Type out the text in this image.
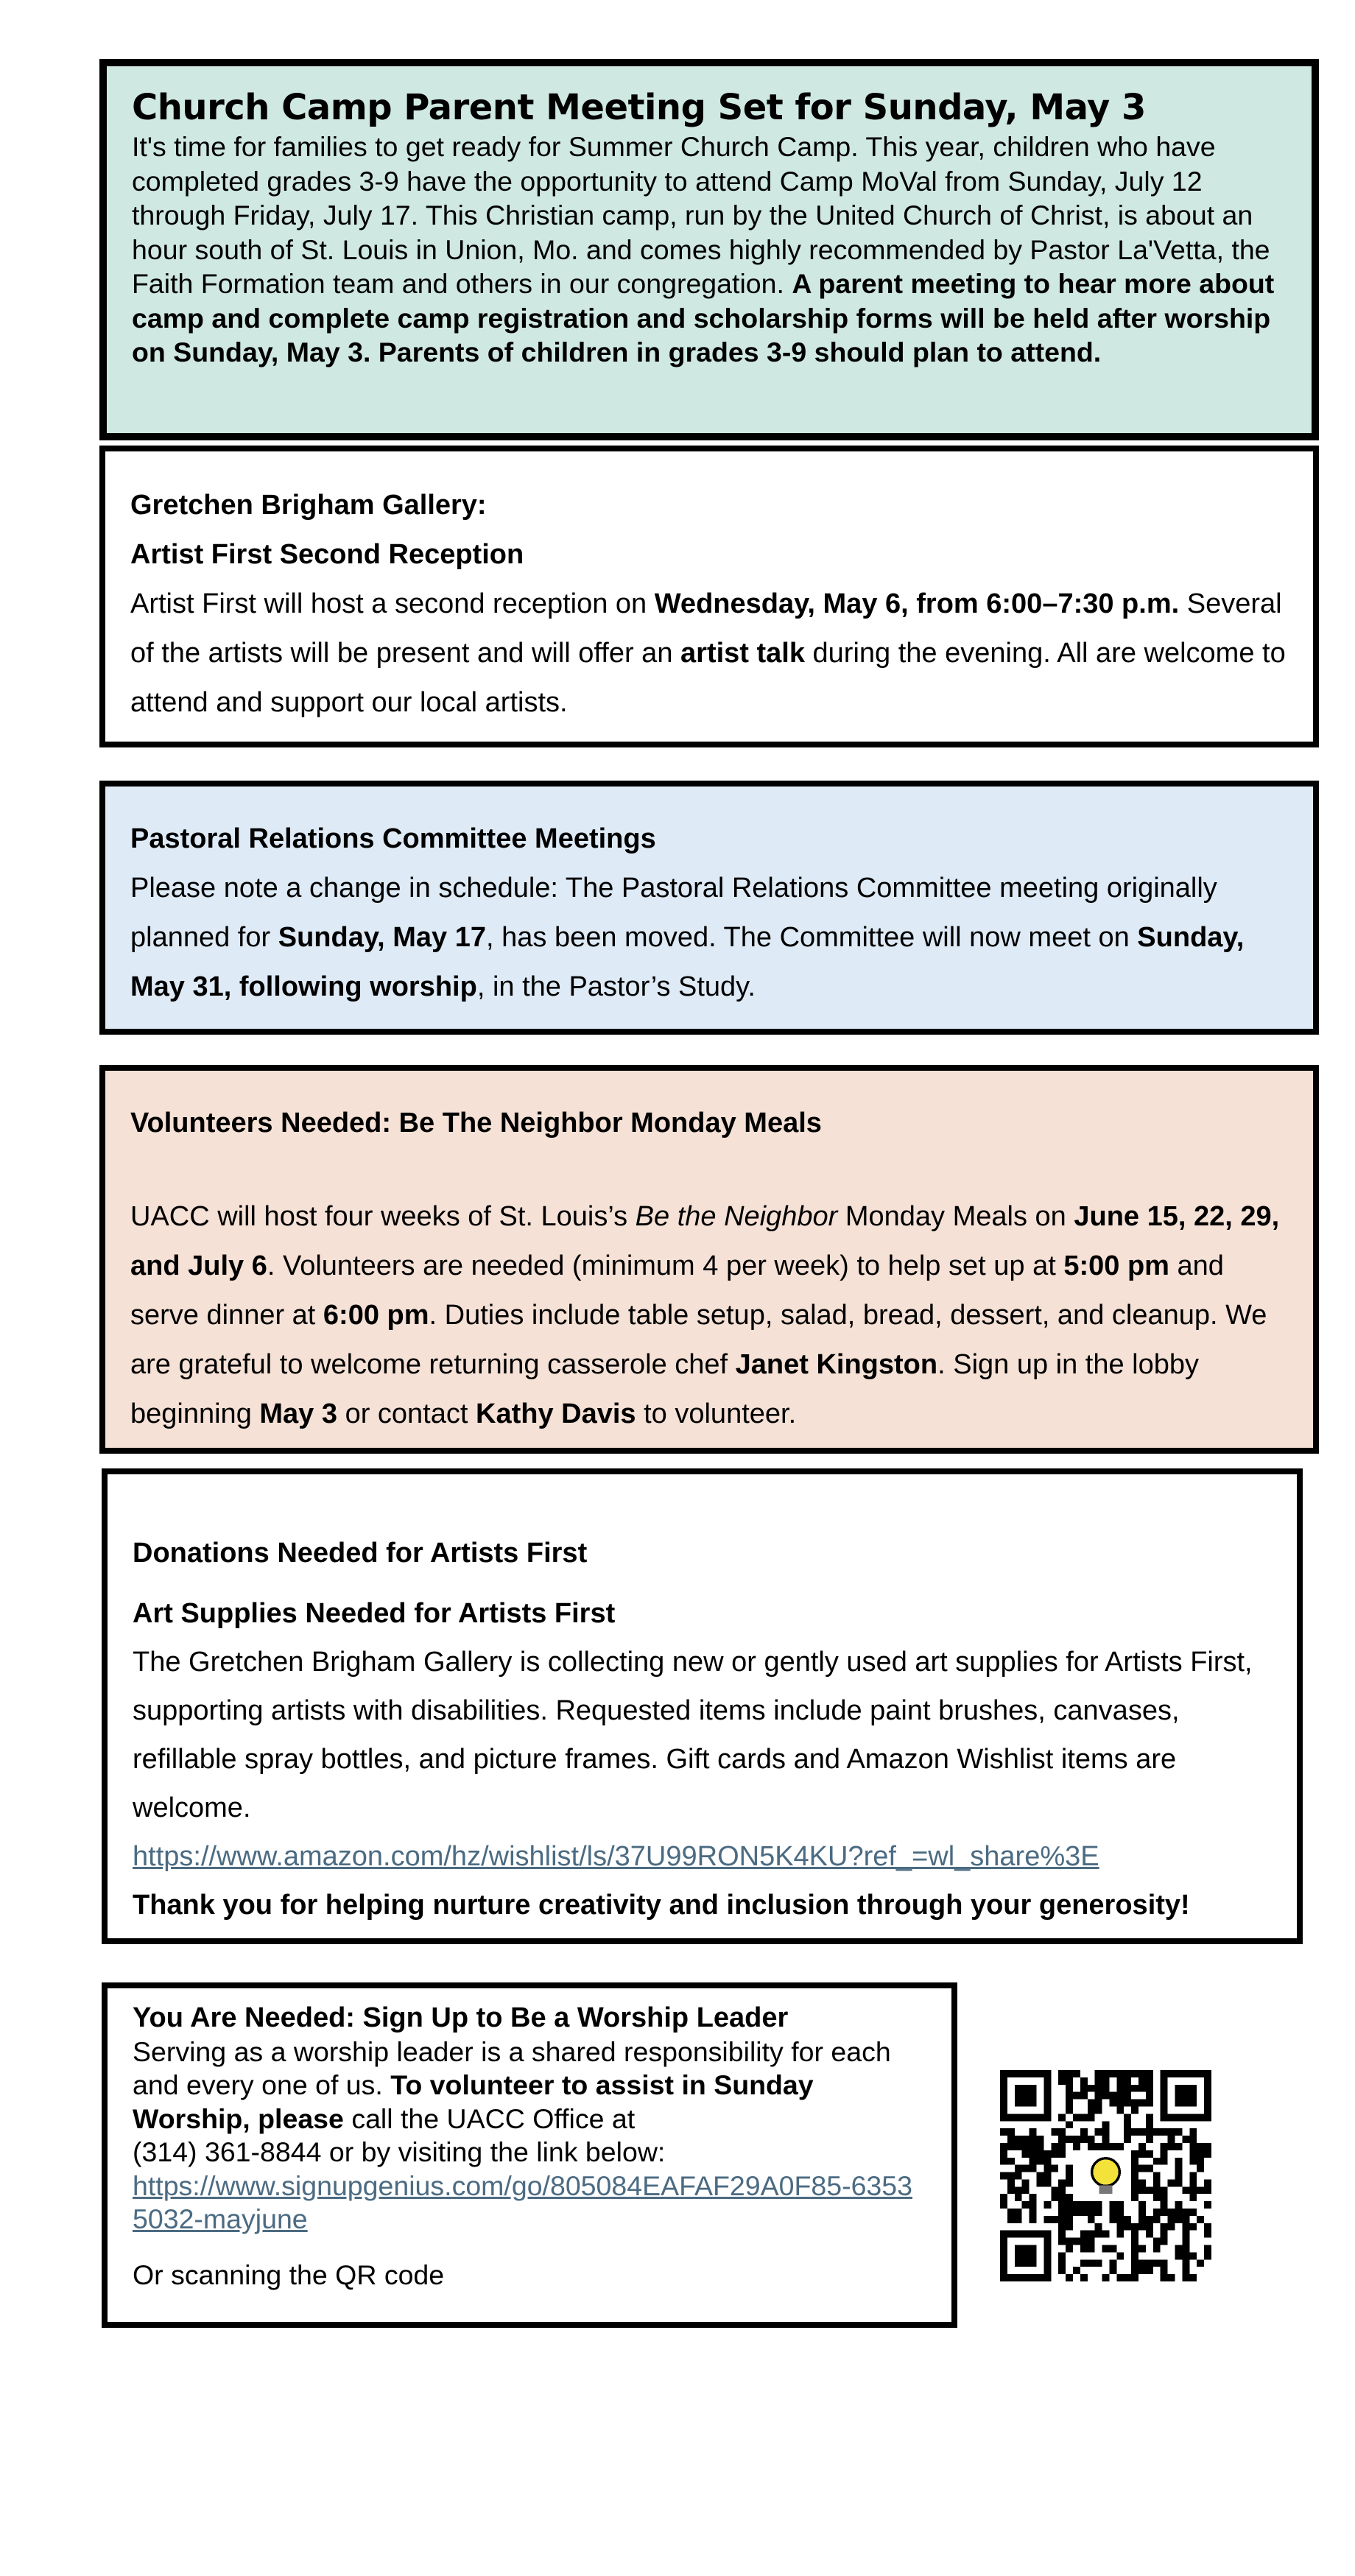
Church Camp Parent Meeting Set for Sunday, May 3
It's time for families to get ready for Summer Church Camp. This year, children who have completed grades 3-9 have the opportunity to attend Camp MoVal from Sunday, July 12 through Friday, July 17. This Christian camp, run by the United Church of Christ, is about an hour south of St. Louis in Union, Mo. and comes highly recommended by Pastor La'Vetta, the Faith Formation team and others in our congregation. A parent meeting to hear more about camp and complete camp registration and scholarship forms will be held after worship on Sunday, May 3. Parents of children in grades 3-9 should plan to attend.
Gretchen Brigham Gallery:
Artist First Second Reception
Artist First will host a second reception on Wednesday, May 6, from 6:00–7:30 p.m. Several of the artists will be present and will offer an artist talk during the evening. All are welcome to attend and support our local artists.
Pastoral Relations Committee Meetings
Please note a change in schedule: The Pastoral Relations Committee meeting originally planned for Sunday, May 17, has been moved. The Committee will now meet on Sunday, May 31, following worship, in the Pastor’s Study.
Volunteers Needed: Be The Neighbor Monday Meals
UACC will host four weeks of St. Louis’s Be the Neighbor Monday Meals on June 15, 22, 29, and July 6. Volunteers are needed (minimum 4 per week) to help set up at 5:00 pm and serve dinner at 6:00 pm. Duties include table setup, salad, bread, dessert, and cleanup. We are grateful to welcome returning casserole chef Janet Kingston. Sign up in the lobby beginning May 3 or contact Kathy Davis to volunteer.
Donations Needed for Artists First
Art Supplies Needed for Artists First
The Gretchen Brigham Gallery is collecting new or gently used art supplies for Artists First, supporting artists with disabilities. Requested items include paint brushes, canvases, refillable spray bottles, and picture frames. Gift cards and Amazon Wishlist items are welcome.
https://www.amazon.com/hz/wishlist/ls/37U99RON5K4KU?ref_=wl_share%3E
Thank you for helping nurture creativity and inclusion through your generosity!
You Are Needed: Sign Up to Be a Worship Leader
Serving as a worship leader is a shared responsibility for each and every one of us. To volunteer to assist in Sunday Worship, please call the UACC Office at
(314) 361-8844 or by visiting the link below:
https://www.signupgenius.com/go/805084EAFAF29A0F85-63535032-mayjune
Or scanning the QR code
